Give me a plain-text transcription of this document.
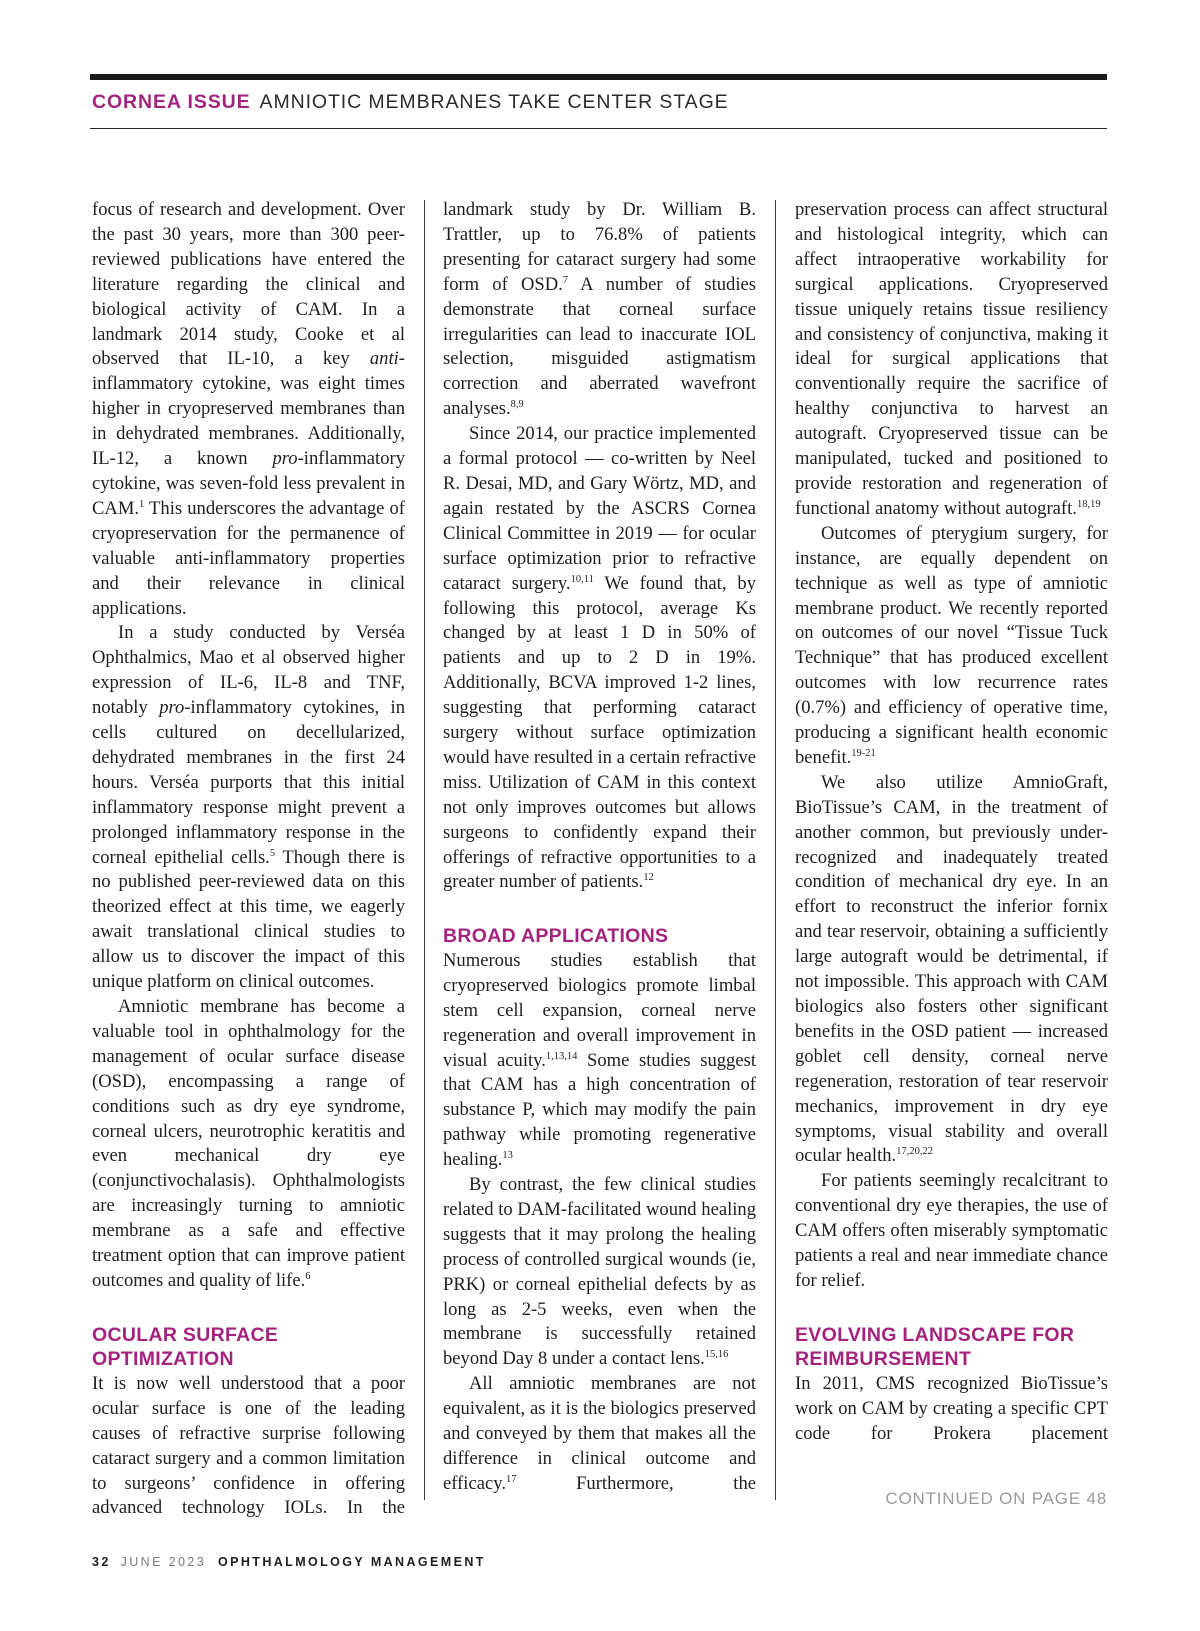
CORNEA ISSUE AMNIOTIC MEMBRANES TAKE CENTER STAGE

focus of research and development. Over the past 30 years, more than 300 peer-reviewed publications have entered the literature regarding the clinical and biological activity of CAM. In a landmark 2014 study, Cooke et al observed that IL-10, a key anti-inflammatory cytokine, was eight times higher in cryopreserved membranes than in dehydrated membranes. Additionally, IL-12, a known pro-inflammatory cytokine, was seven-fold less prevalent in CAM.$^1$ This underscores the advantage of cryopreservation for the permanence of valuable anti-inflammatory properties and their relevance in clinical applications.

In a study conducted by Verséa Ophthalmics, Mao et al observed higher expression of IL-6, IL-8 and TNF, notably pro-inflammatory cytokines, in cells cultured on decellularized, dehydrated membranes in the first 24 hours. Verséa purports that this initial inflammatory response might prevent a prolonged inflammatory response in the corneal epithelial cells.$^5$ Though there is no published peer-reviewed data on this theorized effect at this time, we eagerly await translational clinical studies to allow us to discover the impact of this unique platform on clinical outcomes.

Amniotic membrane has become a valuable tool in ophthalmology for the management of ocular surface disease (OSD), encompassing a range of conditions such as dry eye syndrome, corneal ulcers, neurotrophic keratitis and even mechanical dry eye (conjunctivochalasis). Ophthalmologists are increasingly turning to amniotic membrane as a safe and effective treatment option that can improve patient outcomes and quality of life.$^6$

OCULAR SURFACE OPTIMIZATION

It is now well understood that a poor ocular surface is one of the leading causes of refractive surprise following cataract surgery and a common limitation to surgeons’ confidence in offering advanced technology IOLs. In the

landmark study by Dr. William B. Trattler, up to 76.8% of patients presenting for cataract surgery had some form of OSD.$^7$ A number of studies demonstrate that corneal surface irregularities can lead to inaccurate IOL selection, misguided astigmatism correction and aberrated wavefront analyses.$^{8,9}$

Since 2014, our practice implemented a formal protocol — co-written by Neel R. Desai, MD, and Gary Wörtz, MD, and again restated by the ASCRS Cornea Clinical Committee in 2019 — for ocular surface optimization prior to refractive cataract surgery.$^{10,11}$ We found that, by following this protocol, average Ks changed by at least 1 D in 50% of patients and up to 2 D in 19%. Additionally, BCVA improved 1-2 lines, suggesting that performing cataract surgery without surface optimization would have resulted in a certain refractive miss. Utilization of CAM in this context not only improves outcomes but allows surgeons to confidently expand their offerings of refractive opportunities to a greater number of patients.$^{12}$

BROAD APPLICATIONS

Numerous studies establish that cryopreserved biologics promote limbal stem cell expansion, corneal nerve regeneration and overall improvement in visual acuity.$^{1,13,14}$ Some studies suggest that CAM has a high concentration of substance P, which may modify the pain pathway while promoting regenerative healing.$^{13}$

By contrast, the few clinical studies related to DAM-facilitated wound healing suggests that it may prolong the healing process of controlled surgical wounds (ie, PRK) or corneal epithelial defects by as long as 2-5 weeks, even when the membrane is successfully retained beyond Day 8 under a contact lens.$^{15,16}$

All amniotic membranes are not equivalent, as it is the biologics preserved and conveyed by them that makes all the difference in clinical outcome and efficacy.$^{17}$ Furthermore, the

preservation process can affect structural and histological integrity, which can affect intraoperative workability for surgical applications. Cryopreserved tissue uniquely retains tissue resiliency and consistency of conjunctiva, making it ideal for surgical applications that conventionally require the sacrifice of healthy conjunctiva to harvest an autograft. Cryopreserved tissue can be manipulated, tucked and positioned to provide restoration and regeneration of functional anatomy without autograft.$^{18,19}$

Outcomes of pterygium surgery, for instance, are equally dependent on technique as well as type of amniotic membrane product. We recently reported on outcomes of our novel “Tissue Tuck Technique” that has produced excellent outcomes with low recurrence rates (0.7%) and efficiency of operative time, producing a significant health economic benefit.$^{19-21}$

We also utilize AmnioGraft, BioTissue’s CAM, in the treatment of another common, but previously under-recognized and inadequately treated condition of mechanical dry eye. In an effort to reconstruct the inferior fornix and tear reservoir, obtaining a sufficiently large autograft would be detrimental, if not impossible. This approach with CAM biologics also fosters other significant benefits in the OSD patient — increased goblet cell density, corneal nerve regeneration, restoration of tear reservoir mechanics, improvement in dry eye symptoms, visual stability and overall ocular health.$^{17,20,22}$

For patients seemingly recalcitrant to conventional dry eye therapies, the use of CAM offers often miserably symptomatic patients a real and near immediate chance for relief.

EVOLVING LANDSCAPE FOR REIMBURSEMENT

In 2011, CMS recognized BioTissue’s work on CAM by creating a specific CPT code for Prokera placement

CONTINUED ON PAGE 48
32 JUNE 2023 OPHTHALMOLOGY MANAGEMENT
